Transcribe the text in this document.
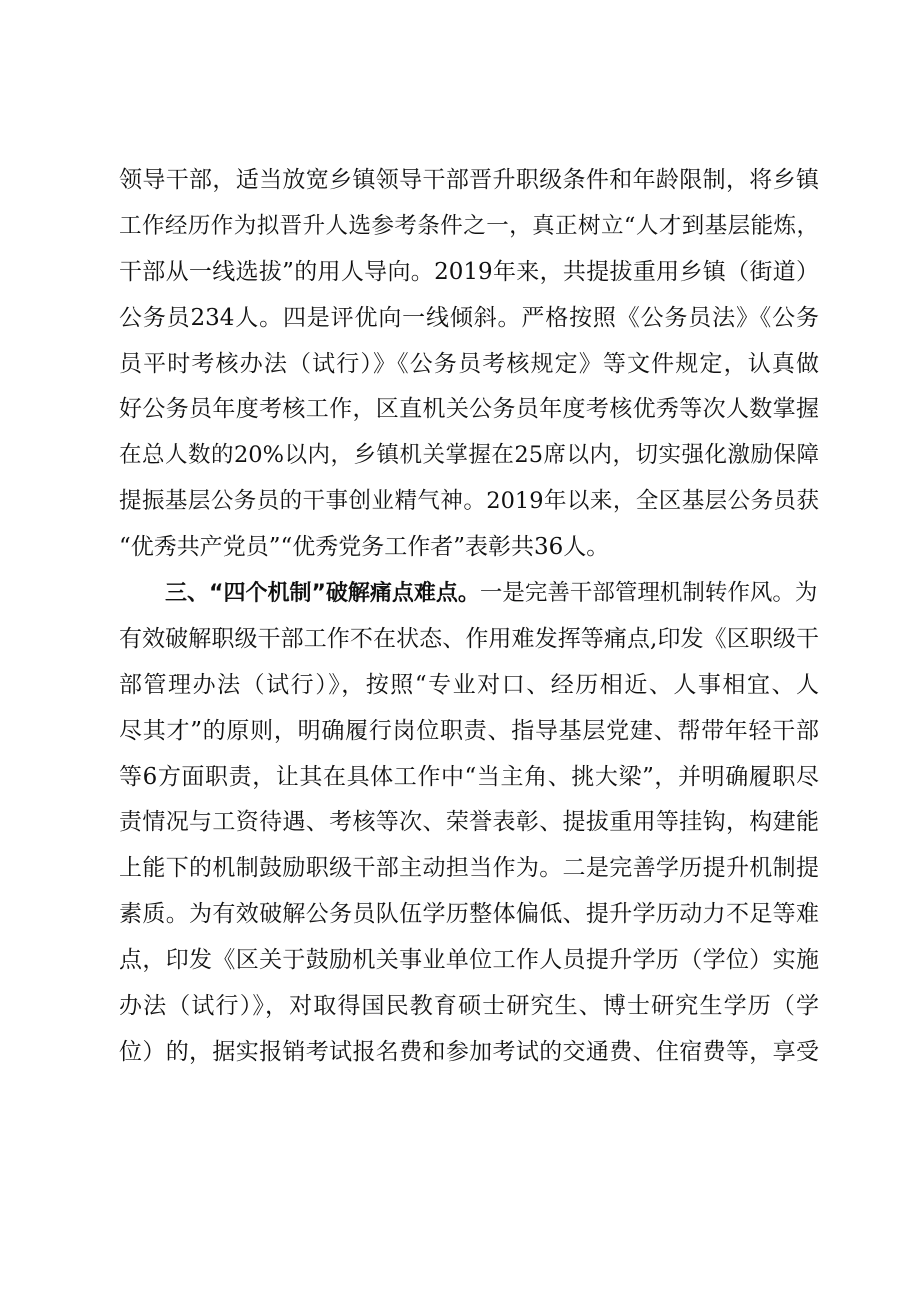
领导干部，适当放宽乡镇领导干部晋升职级条件和年龄限制，将乡镇
工作经历作为拟晋升人选参考条件之一，真正树立“人才到基层能炼，
干部从一线选拔”的用人导向。2019年来，共提拔重用乡镇（街道）
公务员234人。四是评优向一线倾斜。严格按照《公务员法》《公务
员平时考核办法（试行）》《公务员考核规定》等文件规定，认真做
好公务员年度考核工作，区直机关公务员年度考核优秀等次人数掌握
在总人数的20%以内，乡镇机关掌握在25席以内，切实强化激励保障
提振基层公务员的干事创业精气神。2019年以来，全区基层公务员获
“优秀共产党员”“优秀党务工作者”表彰共36人。
三、“四个机制”破解痛点难点。一是完善干部管理机制转作风。为
有效破解职级干部工作不在状态、作用难发挥等痛点,印发《区职级干
部管理办法（试行）》，按照“专业对口、经历相近、人事相宜、人
尽其才”的原则，明确履行岗位职责、指导基层党建、帮带年轻干部
等6方面职责，让其在具体工作中“当主角、挑大梁”，并明确履职尽
责情况与工资待遇、考核等次、荣誉表彰、提拔重用等挂钩，构建能
上能下的机制鼓励职级干部主动担当作为。二是完善学历提升机制提
素质。为有效破解公务员队伍学历整体偏低、提升学历动力不足等难
点，印发《区关于鼓励机关事业单位工作人员提升学历（学位）实施
办法（试行）》，对取得国民教育硕士研究生、博士研究生学历（学
位）的，据实报销考试报名费和参加考试的交通费、住宿费等，享受
